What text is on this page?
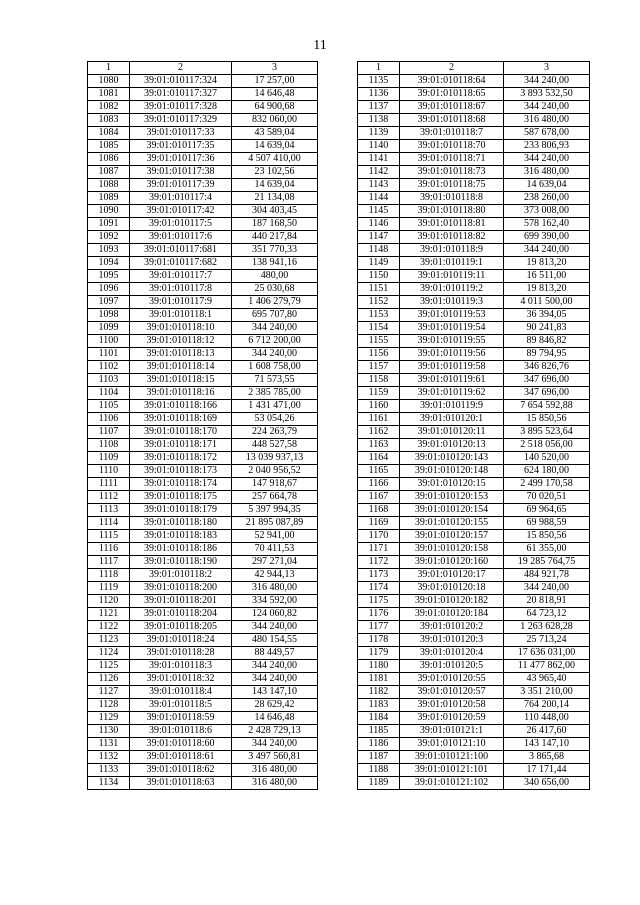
11
1	2	3
1080	39:01:010117:324	17 257,00
1081	39:01:010117:327	14 646,48
1082	39:01:010117:328	64 900,68
1083	39:01:010117:329	832 060,00
1084	39:01:010117:33	43 589,04
1085	39:01:010117:35	14 639,04
1086	39:01:010117:36	4 507 410,00
1087	39:01:010117:38	23 102,56
1088	39:01:010117:39	14 639,04
1089	39:01:010117:4	21 134,08
1090	39:01:010117:42	304 403,45
1091	39:01:010117:5	187 168,50
1092	39:01:010117:6	440 217,84
1093	39:01:010117:681	351 770,33
1094	39:01:010117:682	138 941,16
1095	39:01:010117:7	480,00
1096	39:01:010117:8	25 030,68
1097	39:01:010117:9	1 406 279,79
1098	39:01:010118:1	695 707,80
1099	39:01:010118:10	344 240,00
1100	39:01:010118:12	6 712 200,00
1101	39:01:010118:13	344 240,00
1102	39:01:010118:14	1 608 758,00
1103	39:01:010118:15	71 573,55
1104	39:01:010118:16	2 385 785,00
1105	39:01:010118:166	1 431 471,00
1106	39:01:010118:169	53 054,26
1107	39:01:010118:170	224 263,79
1108	39:01:010118:171	448 527,58
1109	39:01:010118:172	13 039 937,13
1110	39:01:010118:173	2 040 956,52
1111	39:01:010118:174	147 918,67
1112	39:01:010118:175	257 664,78
1113	39:01:010118:179	5 397 994,35
1114	39:01:010118:180	21 895 087,89
1115	39:01:010118:183	52 941,00
1116	39:01:010118:186	70 411,53
1117	39:01:010118:190	297 271,04
1118	39:01:010118:2	42 944,13
1119	39:01:010118:200	316 480,00
1120	39:01:010118:201	334 592,00
1121	39:01:010118:204	124 060,82
1122	39:01:010118:205	344 240,00
1123	39:01:010118:24	480 154,55
1124	39:01:010118:28	88 449,57
1125	39:01:010118:3	344 240,00
1126	39:01:010118:32	344 240,00
1127	39:01:010118:4	143 147,10
1128	39:01:010118:5	28 629,42
1129	39:01:010118:59	14 646,48
1130	39:01:010118:6	2 428 729,13
1131	39:01:010118:60	344 240,00
1132	39:01:010118:61	3 497 560,81
1133	39:01:010118:62	316 480,00
1134	39:01:010118:63	316 480,00
1	2	3
1135	39:01:010118:64	344 240,00
1136	39:01:010118:65	3 893 532,50
1137	39:01:010118:67	344 240,00
1138	39:01:010118:68	316 480,00
1139	39:01:010118:7	587 678,00
1140	39:01:010118:70	233 806,93
1141	39:01:010118:71	344 240,00
1142	39:01:010118:73	316 480,00
1143	39:01:010118:75	14 639,04
1144	39:01:010118:8	238 260,00
1145	39:01:010118:80	373 008,00
1146	39:01:010118:81	578 162,40
1147	39:01:010118:82	699 390,00
1148	39:01:010118:9	344 240,00
1149	39:01:010119:1	19 813,20
1150	39:01:010119:11	16 511,00
1151	39:01:010119:2	19 813,20
1152	39:01:010119:3	4 011 500,00
1153	39:01:010119:53	36 394,05
1154	39:01:010119:54	90 241,83
1155	39:01:010119:55	89 846,82
1156	39:01:010119:56	89 794,95
1157	39:01:010119:58	346 826,76
1158	39:01:010119:61	347 696,00
1159	39:01:010119:62	347 696,00
1160	39:01:010119:9	7 654 592,88
1161	39:01:010120:1	15 850,56
1162	39:01:010120:11	3 895 523,64
1163	39:01:010120:13	2 518 056,00
1164	39:01:010120:143	140 520,00
1165	39:01:010120:148	624 180,00
1166	39:01:010120:15	2 499 170,58
1167	39:01:010120:153	70 020,51
1168	39:01:010120:154	69 964,65
1169	39:01:010120:155	69 988,59
1170	39:01:010120:157	15 850,56
1171	39:01:010120:158	61 355,00
1172	39:01:010120:160	19 285 764,75
1173	39:01:010120:17	484 921,78
1174	39:01:010120:18	344 240,00
1175	39:01:010120:182	20 818,91
1176	39:01:010120:184	64 723,12
1177	39:01:010120:2	1 263 628,28
1178	39:01:010120:3	25 713,24
1179	39:01:010120:4	17 636 031,00
1180	39:01:010120:5	11 477 862,00
1181	39:01:010120:55	43 965,40
1182	39:01:010120:57	3 351 210,00
1183	39:01:010120:58	764 200,14
1184	39:01:010120:59	110 448,00
1185	39:01:010121:1	26 417,60
1186	39:01:010121:10	143 147,10
1187	39:01:010121:100	3 865,68
1188	39:01:010121:101	17 171,44
1189	39:01:010121:102	340 656,00
